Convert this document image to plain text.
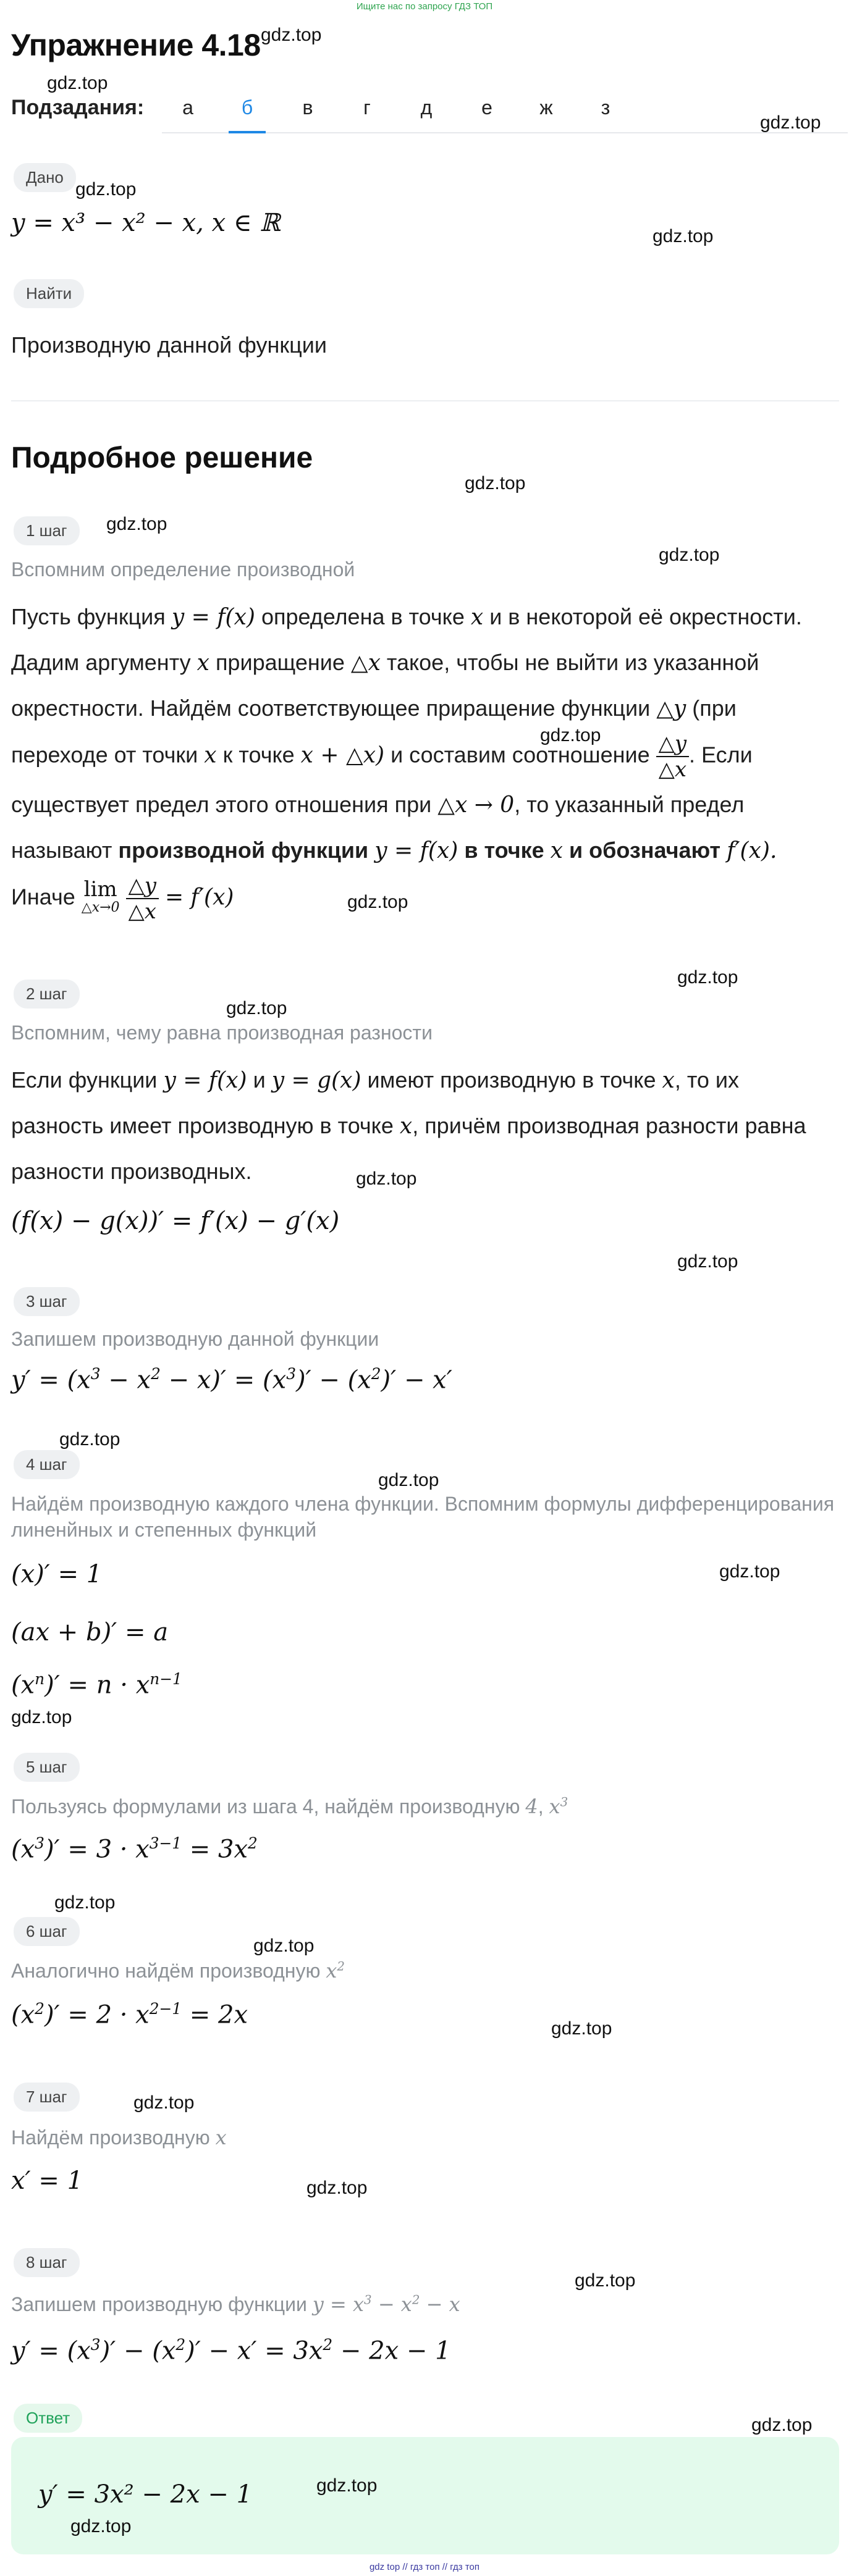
Ищите нас по запросу ГДЗ ТОП
Упражнение 4.18 gdz.top
gdz.top
Подзадания:	а	б	в	г	д	е	ж	з
gdz.top
Дано
gdz.top
y = x³ − x² − x, x ∈ ℝ	gdz.top
Найти
Производную данной функции
Подробное решение
gdz.top
1 шаг	gdz.top
gdz.top
Вспомним определение производной
Пусть функция y = f(x) определена в точке x и в некоторой её окрестности.
Дадим аргументу x приращение △x такое, чтобы не выйти из указанной
окрестности. Найдём соответствующее приращение функции △y (при
переходе от точки x к точке x + △x) и составим соотношение $\frac{\triangle y}{\triangle x}$ . Если
существует предел этого отношения при △x → 0, то указанный предел
называют производной функции y = f(x) в точке x и обозначают f′(x).
Иначе lim
△x→0
$\frac{\triangle y}{\triangle x} = f'(x)$
gdz.top
gdz.top
gdz.top
2 шаг
gdz.top
Вспомним, чему равна производная разности
Если функции y = f(x) и y = g(x) имеют производную в точке x, то их
разность имеет производную в точке x, причём производная разности равна
разности производных.	gdz.top
(f(x) − g(x))′ = f′(x) − g′(x)
gdz.top
3 шаг
Запишем производную данной функции
$y' = (x^3 - x^2 - x)' = (x^3)' - (x^2)' - x'$
gdz.top
4 шаг
gdz.top
Найдём производную каждого члена функции. Вспомним формулы дифференцирования линенйных и степенных функций
(x)′ = 1	gdz.top
(ax + b)′ = a
$(x^n)' = n \cdot x^{n-1}$
gdz.top
5 шаг
Пользуясь формулами из шага 4, найдём производную 4, $x^3$
$(x^3)' = 3 \cdot x^{3-1} = 3x^2$
gdz.top
6 шаг
gdz.top
Аналогично найдём производную $x^2$
$(x^2)' = 2 \cdot x^{2-1} = 2x$	gdz.top
7 шаг	gdz.top
Найдём производную x
x′ = 1	gdz.top
8 шаг
gdz.top
Запишем производную функции $y = x^3 - x^2 - x$
$y' = (x^3)' - (x^2)' - x' = 3x^2 - 2x - 1$
Ответ	gdz.top
y′ = 3x² − 2x − 1	gdz.top
gdz.top
gdz top // гдз топ // гдз топ
